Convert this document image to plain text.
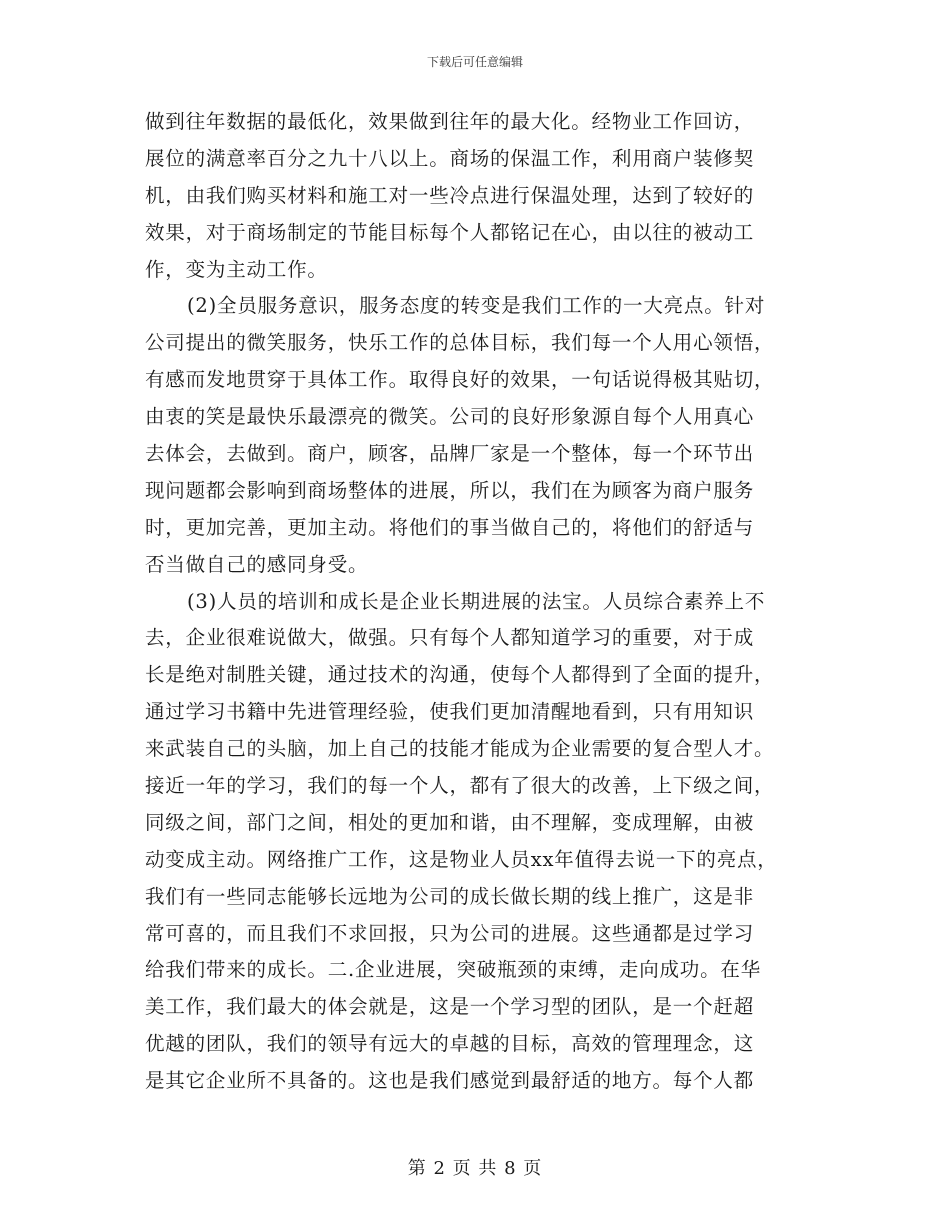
下载后可任意编辑
做到往年数据的最低化，效果做到往年的最大化。经物业工作回访，
展位的满意率百分之九十八以上。商场的保温工作，利用商户装修契
机，由我们购买材料和施工对一些冷点进行保温处理，达到了较好的
效果，对于商场制定的节能目标每个人都铭记在心，由以往的被动工
作，变为主动工作。
(2)全员服务意识，服务态度的转变是我们工作的一大亮点。针对
公司提出的微笑服务，快乐工作的总体目标，我们每一个人用心领悟，
有感而发地贯穿于具体工作。取得良好的效果，一句话说得极其贴切，
由衷的笑是最快乐最漂亮的微笑。公司的良好形象源自每个人用真心
去体会，去做到。商户，顾客，品牌厂家是一个整体，每一个环节出
现问题都会影响到商场整体的进展，所以，我们在为顾客为商户服务
时，更加完善，更加主动。将他们的事当做自己的，将他们的舒适与
否当做自己的感同身受。
(3)人员的培训和成长是企业长期进展的法宝。人员综合素养上不
去，企业很难说做大，做强。只有每个人都知道学习的重要，对于成
长是绝对制胜关键，通过技术的沟通，使每个人都得到了全面的提升，
通过学习书籍中先进管理经验，使我们更加清醒地看到，只有用知识
来武装自己的头脑，加上自己的技能才能成为企业需要的复合型人才。
接近一年的学习，我们的每一个人，都有了很大的改善，上下级之间，
同级之间，部门之间，相处的更加和谐，由不理解，变成理解，由被
动变成主动。网络推广工作，这是物业人员xx年值得去说一下的亮点，
我们有一些同志能够长远地为公司的成长做长期的线上推广，这是非
常可喜的，而且我们不求回报，只为公司的进展。这些通都是过学习
给我们带来的成长。二.企业进展，突破瓶颈的束缚，走向成功。在华
美工作，我们最大的体会就是，这是一个学习型的团队，是一个赶超
优越的团队，我们的领导有远大的卓越的目标，高效的管理理念，这
是其它企业所不具备的。这也是我们感觉到最舒适的地方。每个人都
第 2 页 共 8 页
